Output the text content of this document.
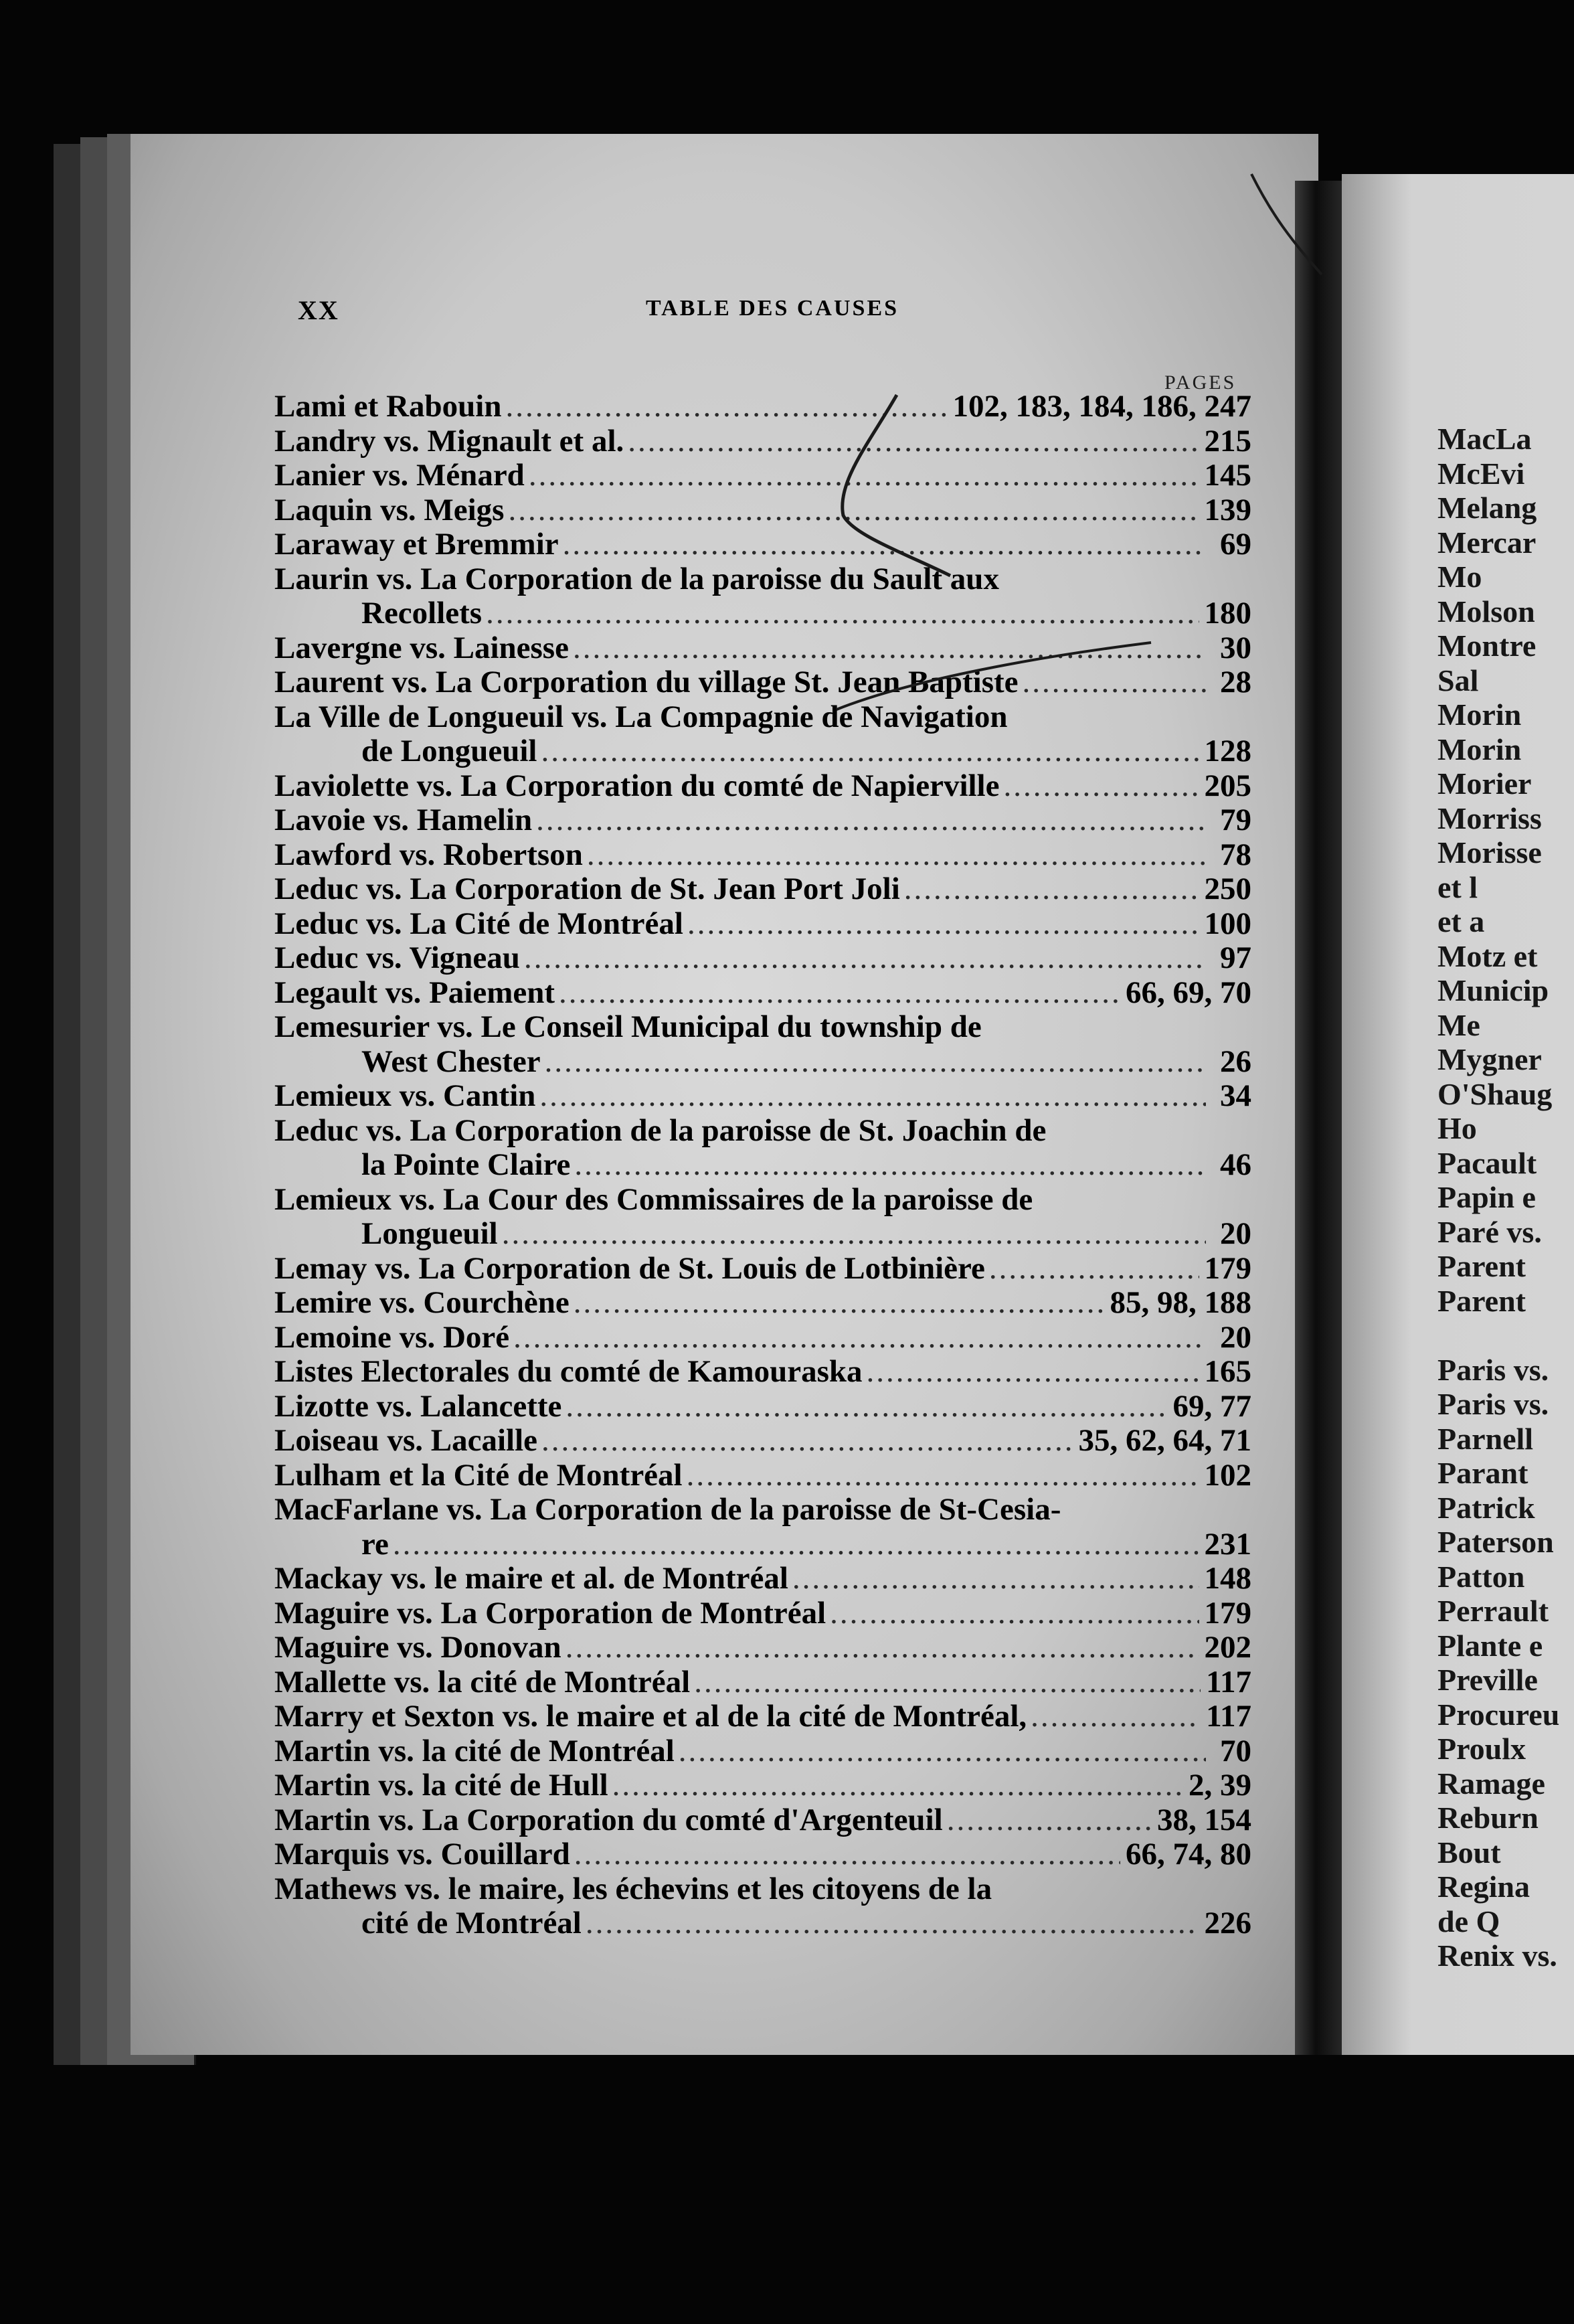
XX	TABLE DES CAUSES
PAGES
Lami et Rabouin .....	102, 183, 184, 186, 247
Landry vs. Mignault et al. .....	215
Lanier vs. Ménard .....	145
Laquin vs. Meigs .....	139
Laraway et Bremmir .....	69
Laurin vs. La Corporation de la paroisse du Sault aux
Recollets .....	180
Lavergne vs. Lainesse .....	30
Laurent vs. La Corporation du village St. Jean Baptiste .....	28
La Ville de Longueuil vs. La Compagnie de Navigation
de Longueuil .....	128
Laviolette vs. La Corporation du comté de Napierville .....	205
Lavoie vs. Hamelin .....	79
Lawford vs. Robertson .....	78
Leduc vs. La Corporation de St. Jean Port Joli .....	250
Leduc vs. La Cité de Montréal .....	100
Leduc vs. Vigneau .....	97
Legault vs. Paiement .....	66, 69, 70
Lemesurier vs. Le Conseil Municipal du township de
West Chester .....	26
Lemieux vs. Cantin .....	34
Leduc vs. La Corporation de la paroisse de St. Joachin de
la Pointe Claire .....	46
Lemieux vs. La Cour des Commissaires de la paroisse de
Longueuil .....	20
Lemay vs. La Corporation de St. Louis de Lotbinière .....	179
Lemire vs. Courchène .....	85, 98, 188
Lemoine vs. Doré .....	20
Listes Electorales du comté de Kamouraska .....	165
Lizotte vs. Lalancette .....	69, 77
Loiseau vs. Lacaille .....	35, 62, 64, 71
Lulham et la Cité de Montréal .....	102
MacFarlane vs. La Corporation de la paroisse de St-Cesia-
re .....	231
Mackay vs. le maire et al. de Montréal .....	148
Maguire vs. La Corporation de Montréal .....	179
Maguire vs. Donovan .....	202
Mallette vs. la cité de Montréal .....	117
Marry et Sexton vs. le maire et al de la cité de Montréal, .....	117
Martin vs. la cité de Montréal .....	70
Martin vs. la cité de Hull .....	2, 39
Martin vs. La Corporation du comté d'Argenteuil .....	38, 154
Marquis vs. Couillard .....	66, 74, 80
Mathews vs. le maire, les échevins et les citoyens de la
cité de Montréal .....	226
MacLa
McEvi
Melang
Mercar
Mo
Molson
Montre
Sal
Morin
Morin
Morier
Morriss
Morisse
et l
et a
Motz et
Municip
Me
Mygner
O'Shaug
Ho
Pacault
Papin e
Paré vs.
Parent
Parent
Paris vs.
Paris vs.
Parnell
Parant
Patrick
Paterson
Patton
Perrault
Plante e
Preville
Procureu
Proulx
Ramage
Reburn
Bout
Regina
de Q
Renix vs.
